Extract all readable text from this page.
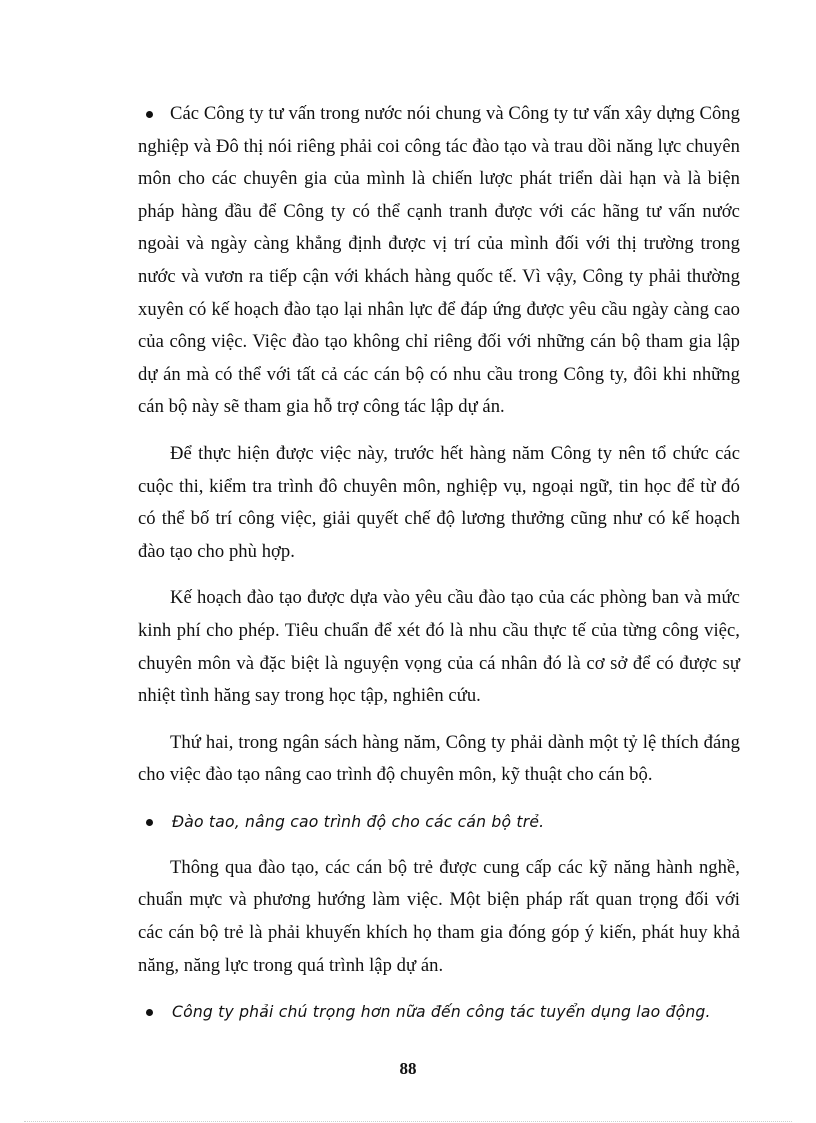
Các Công ty tư vấn trong nước nói chung và Công ty tư vấn xây dựng Công nghiệp và Đô thị nói riêng phải coi công tác đào tạo và trau dồi năng lực chuyên môn cho các chuyên gia của mình là chiến lược phát triển dài hạn và là biện pháp hàng đầu để Công ty có thể cạnh tranh được với các hãng tư vấn nước ngoài và ngày càng khẳng định được vị trí của mình đối với thị trường trong nước và vươn ra tiếp cận với khách hàng quốc tế. Vì vậy, Công ty phải thường xuyên có kế hoạch đào tạo lại nhân lực để đáp ứng được yêu cầu ngày càng cao của công việc. Việc đào tạo không chỉ riêng đối với những cán bộ tham gia lập dự án mà có thể với tất cả các cán bộ có nhu cầu trong Công ty, đôi khi những cán bộ này sẽ tham gia hỗ trợ công tác lập dự án.

Để thực hiện được việc này, trước hết hàng năm Công ty nên tổ chức các cuộc thi, kiểm tra trình đô chuyên môn, nghiệp vụ, ngoại ngữ, tin học để từ đó có thể bố trí công việc, giải quyết chế độ lương thưởng cũng như có kế hoạch đào tạo cho phù hợp.

Kế hoạch đào tạo được dựa vào yêu cầu đào tạo của các phòng ban và mức kinh phí cho phép. Tiêu chuẩn để xét đó là nhu cầu thực tế của từng công việc, chuyên môn và đặc biệt là nguyện vọng của cá nhân đó là cơ sở để có được sự nhiệt tình hăng say trong học tập, nghiên cứu.

Thứ hai, trong ngân sách hàng năm, Công ty phải dành một tỷ lệ thích đáng cho việc đào tạo nâng cao trình độ chuyên môn, kỹ thuật cho cán bộ.

Đào tao, nâng cao trình độ cho các cán bộ trẻ.

Thông qua đào tạo, các cán bộ trẻ được cung cấp các kỹ năng hành nghề, chuẩn mực và phương hướng làm việc. Một biện pháp rất quan trọng đối với các cán bộ trẻ là phải khuyến khích họ tham gia đóng góp ý kiến, phát huy khả năng, năng lực trong quá trình lập dự án.

Công ty phải chú trọng hơn nữa đến công tác tuyển dụng lao động.
88
